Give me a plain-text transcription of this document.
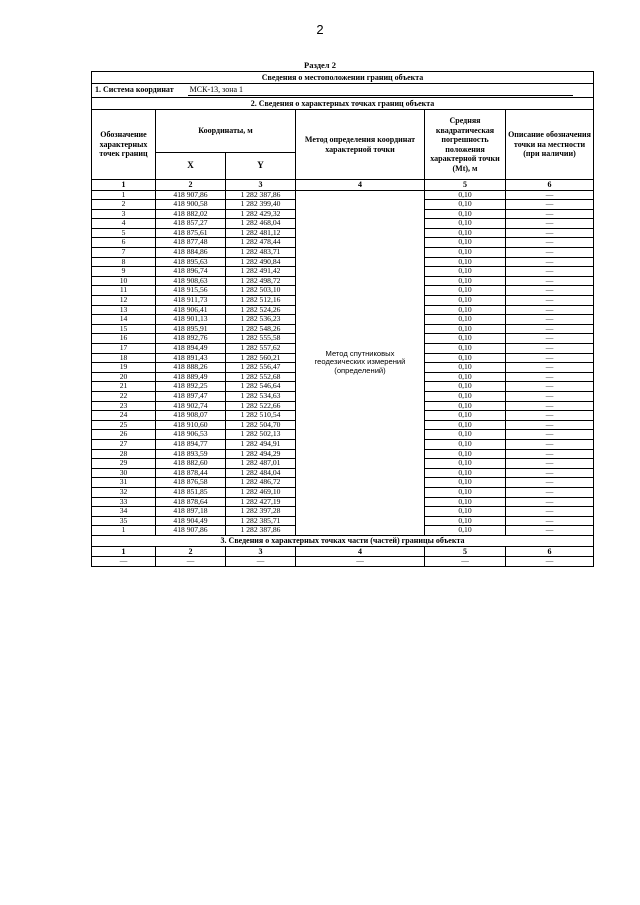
2
Раздел 2
Сведения о местоположении границ объекта					
1. Система координат МСК-13, зона 1					
2. Сведения о характерных точках границ объекта					
Обозначение характерных точек границ	Координаты, м		Метод определения координат характерной точки	Средняя квадратическая погрешность положения характерной точки (Mt), м	Описание обозначения точки на местности (при наличии)
	X	Y			
1	2	3	4	5	6
1	418 907,86	1 282 387,86	Метод спутниковых геодезических измерений (определений)	0,10	—
2	418 900,58	1 282 399,40		0,10	—
3	418 882,02	1 282 429,32		0,10	—
4	418 857,27	1 282 468,04		0,10	—
5	418 875,61	1 282 481,12		0,10	—
6	418 877,48	1 282 478,44		0,10	—
7	418 884,86	1 282 483,71		0,10	—
8	418 895,63	1 282 490,84		0,10	—
9	418 896,74	1 282 491,42		0,10	—
10	418 908,63	1 282 498,72		0,10	—
11	418 915,56	1 282 503,10		0,10	—
12	418 911,73	1 282 512,16		0,10	—
13	418 906,41	1 282 524,26		0,10	—
14	418 901,13	1 282 536,23		0,10	—
15	418 895,91	1 282 548,26		0,10	—
16	418 892,76	1 282 555,58		0,10	—
17	418 894,49	1 282 557,62		0,10	—
18	418 891,43	1 282 560,21		0,10	—
19	418 888,26	1 282 556,47		0,10	—
20	418 889,49	1 282 552,68		0,10	—
21	418 892,25	1 282 546,64		0,10	—
22	418 897,47	1 282 534,63		0,10	—
23	418 902,74	1 282 522,66		0,10	—
24	418 908,07	1 282 510,54		0,10	—
25	418 910,60	1 282 504,70		0,10	—
26	418 906,53	1 282 502,13		0,10	—
27	418 894,77	1 282 494,91		0,10	—
28	418 893,59	1 282 494,29		0,10	—
29	418 882,60	1 282 487,01		0,10	—
30	418 878,44	1 282 484,04		0,10	—
31	418 876,58	1 282 486,72		0,10	—
32	418 851,85	1 282 469,10		0,10	—
33	418 878,64	1 282 427,19		0,10	—
34	418 897,18	1 282 397,28		0,10	—
35	418 904,49	1 282 385,71		0,10	—
1	418 907,86	1 282 387,86		0,10	—
3. Сведения о характерных точках части (частей) границы объекта					
1	2	3	4	5	6
—	—	—	—	—	—
